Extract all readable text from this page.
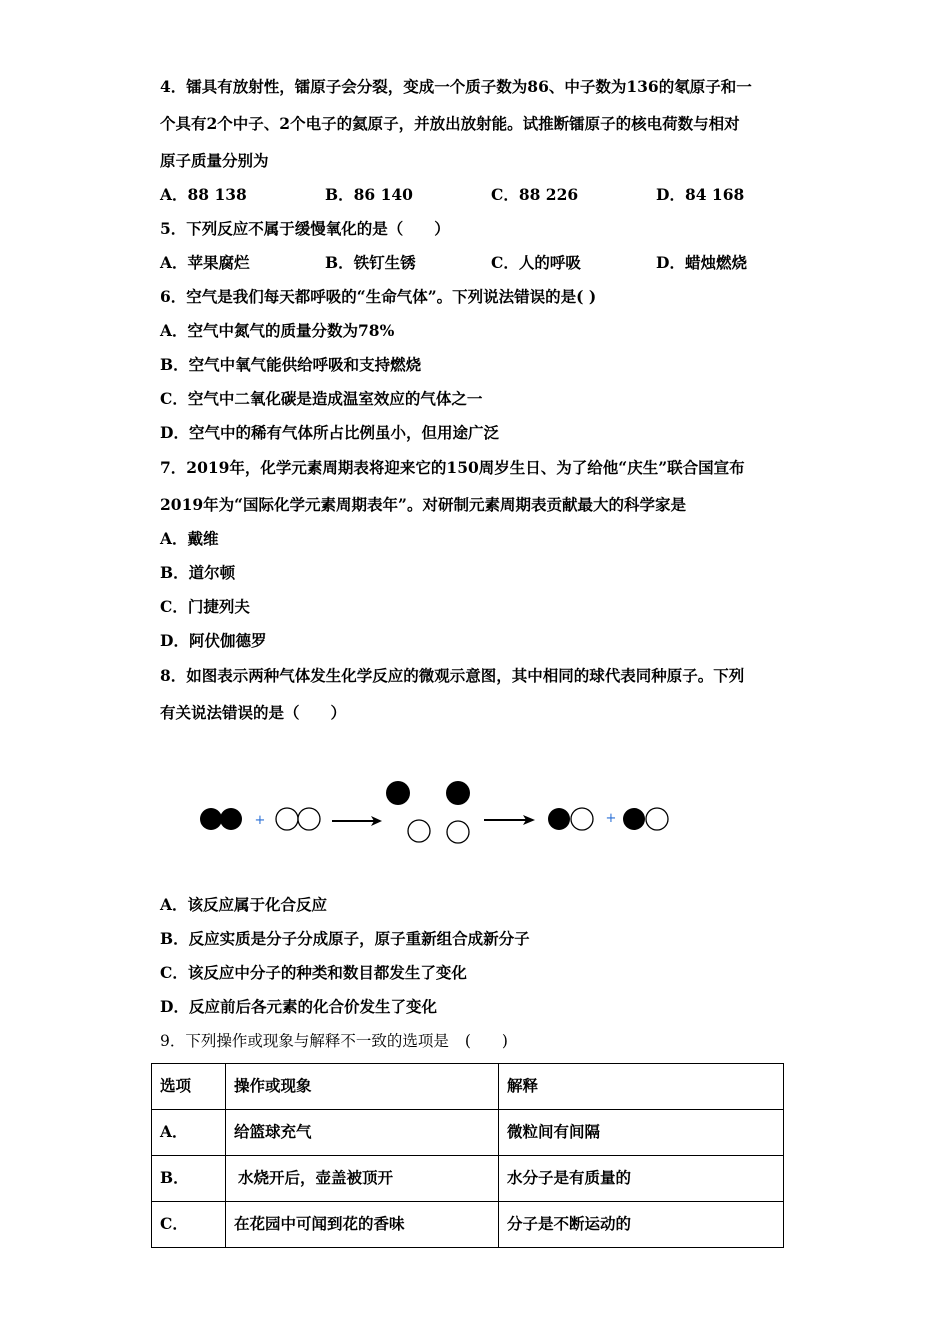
4．镭具有放射性，镭原子会分裂，变成一个质子数为86、中子数为136的氡原子和一
个具有2个中子、2个电子的氦原子，并放出放射能。试推断镭原子的核电荷数与相对
原子质量分别为
A．88 138	B．86 140	C．88 226	D．84 168
5．下列反应不属于缓慢氧化的是（　　）
A．苹果腐烂	B．铁钉生锈	C．人的呼吸	D．蜡烛燃烧
6．空气是我们每天都呼吸的“生命气体”。下列说法错误的是( )
A．空气中氮气的质量分数为78%
B．空气中氧气能供给呼吸和支持燃烧
C．空气中二氧化碳是造成温室效应的气体之一
D．空气中的稀有气体所占比例虽小，但用途广泛
7．2019年，化学元素周期表将迎来它的150周岁生日、为了给他“庆生”联合国宣布
2019年为“国际化学元素周期表年”。对研制元素周期表贡献最大的科学家是
A．戴维
B．道尔顿
C．门捷列夫
D．阿伏伽德罗
8．如图表示两种气体发生化学反应的微观示意图，其中相同的球代表同种原子。下列
有关说法错误的是（　　）
+	+
A．该反应属于化合反应
B．反应实质是分子分成原子，原子重新组合成新分子
C．该反应中分子的种类和数目都发生了变化
D．反应前后各元素的化合价发生了变化
9．下列操作或现象与解释不一致的选项是 (　　)
选项	操作或现象	解释
A．	给篮球充气	微粒间有间隔
B．	水烧开后，壶盖被顶开	水分子是有质量的
C．	在花园中可闻到花的香味	分子是不断运动的
